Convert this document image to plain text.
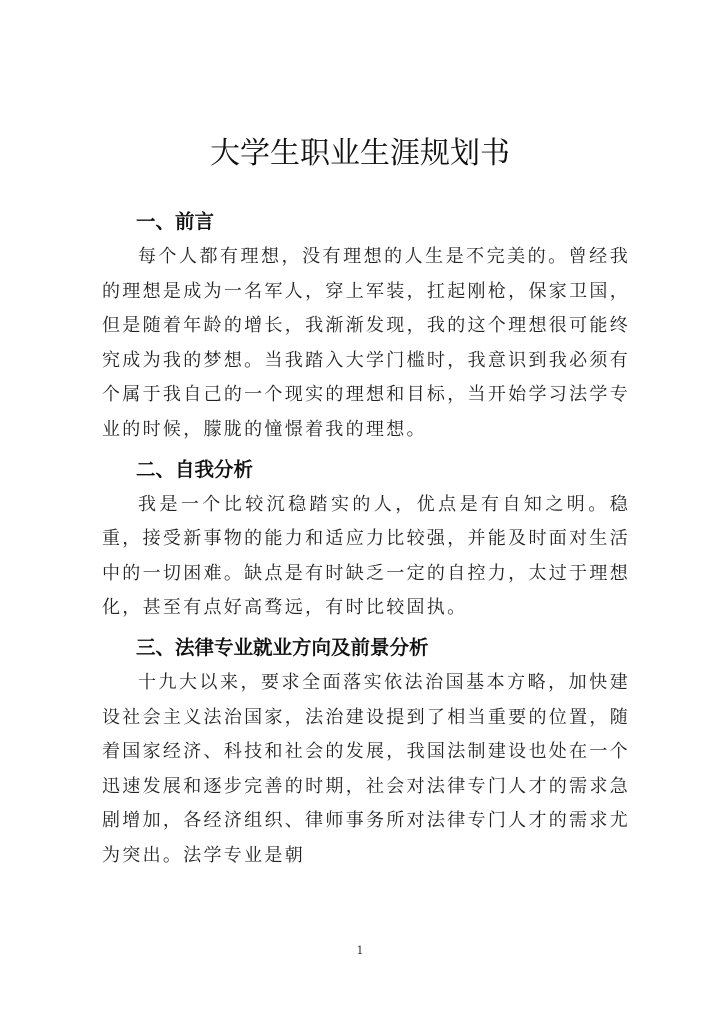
大学生职业生涯规划书
一、前言

每个人都有理想，没有理想的人生是不完美的。曾经我的理想是成为一名军人，穿上军装，扛起刚枪，保家卫国，但是随着年龄的增长，我渐渐发现，我的这个理想很可能终究成为我的梦想。当我踏入大学门槛时，我意识到我必须有个属于我自己的一个现实的理想和目标，当开始学习法学专业的时候，朦胧的憧憬着我的理想。

二、自我分析

我是一个比较沉稳踏实的人，优点是有自知之明。稳重，接受新事物的能力和适应力比较强，并能及时面对生活中的一切困难。缺点是有时缺乏一定的自控力，太过于理想化，甚至有点好高骛远，有时比较固执。

三、法律专业就业方向及前景分析

十九大以来，要求全面落实依法治国基本方略，加快建设社会主义法治国家，法治建设提到了相当重要的位置，随着国家经济、科技和社会的发展，我国法制建设也处在一个迅速发展和逐步完善的时期，社会对法律专门人才的需求急剧增加，各经济组织、律师事务所对法律专门人才的需求尤为突出。法学专业是朝

1
